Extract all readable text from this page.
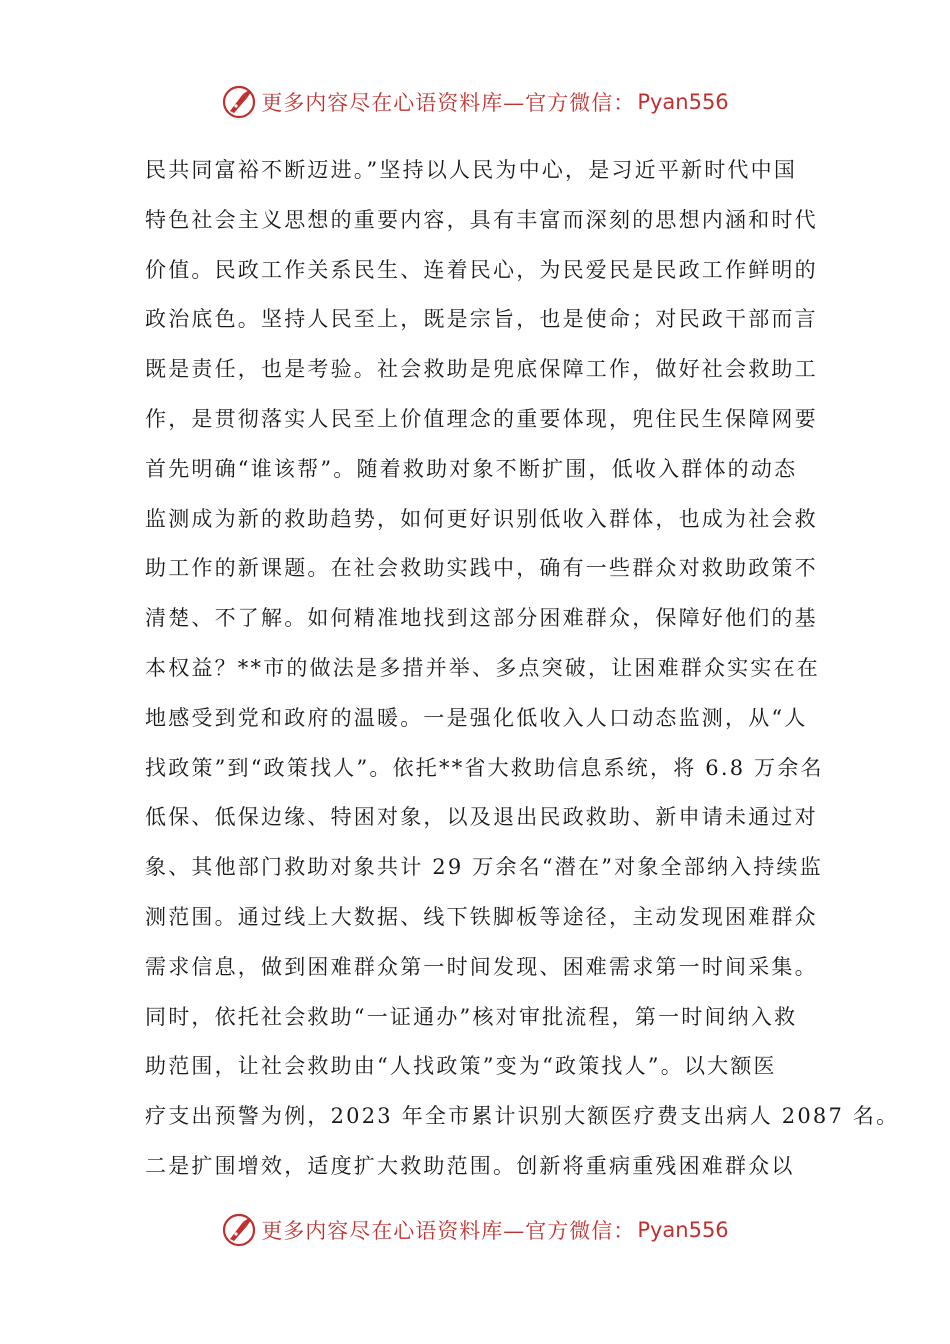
更多内容尽在心语资料库—官方微信： Pyan556
民共同富裕不断迈进。”坚持以人民为中心，是习近平新时代中国
特色社会主义思想的重要内容，具有丰富而深刻的思想内涵和时代
价值。民政工作关系民生、连着民心，为民爱民是民政工作鲜明的
政治底色。坚持人民至上，既是宗旨，也是使命；对民政干部而言
既是责任，也是考验。社会救助是兜底保障工作，做好社会救助工
作，是贯彻落实人民至上价值理念的重要体现，兜住民生保障网要
首先明确“谁该帮”。随着救助对象不断扩围，低收入群体的动态
监测成为新的救助趋势，如何更好识别低收入群体，也成为社会救
助工作的新课题。在社会救助实践中，确有一些群众对救助政策不
清楚、不了解。如何精准地找到这部分困难群众，保障好他们的基
本权益？**市的做法是多措并举、多点突破，让困难群众实实在在
地感受到党和政府的温暖。一是强化低收入人口动态监测，从“人
找政策”到“政策找人”。依托**省大救助信息系统，将 6.8 万余名
低保、低保边缘、特困对象，以及退出民政救助、新申请未通过对
象、其他部门救助对象共计 29 万余名“潜在”对象全部纳入持续监
测范围。通过线上大数据、线下铁脚板等途径，主动发现困难群众
需求信息，做到困难群众第一时间发现、困难需求第一时间采集。
同时，依托社会救助“一证通办”核对审批流程，第一时间纳入救
助范围，让社会救助由“人找政策”变为“政策找人”。以大额医
疗支出预警为例，2023 年全市累计识别大额医疗费支出病人 2087 名。
二是扩围增效，适度扩大救助范围。创新将重病重残困难群众以
更多内容尽在心语资料库—官方微信： Pyan556
